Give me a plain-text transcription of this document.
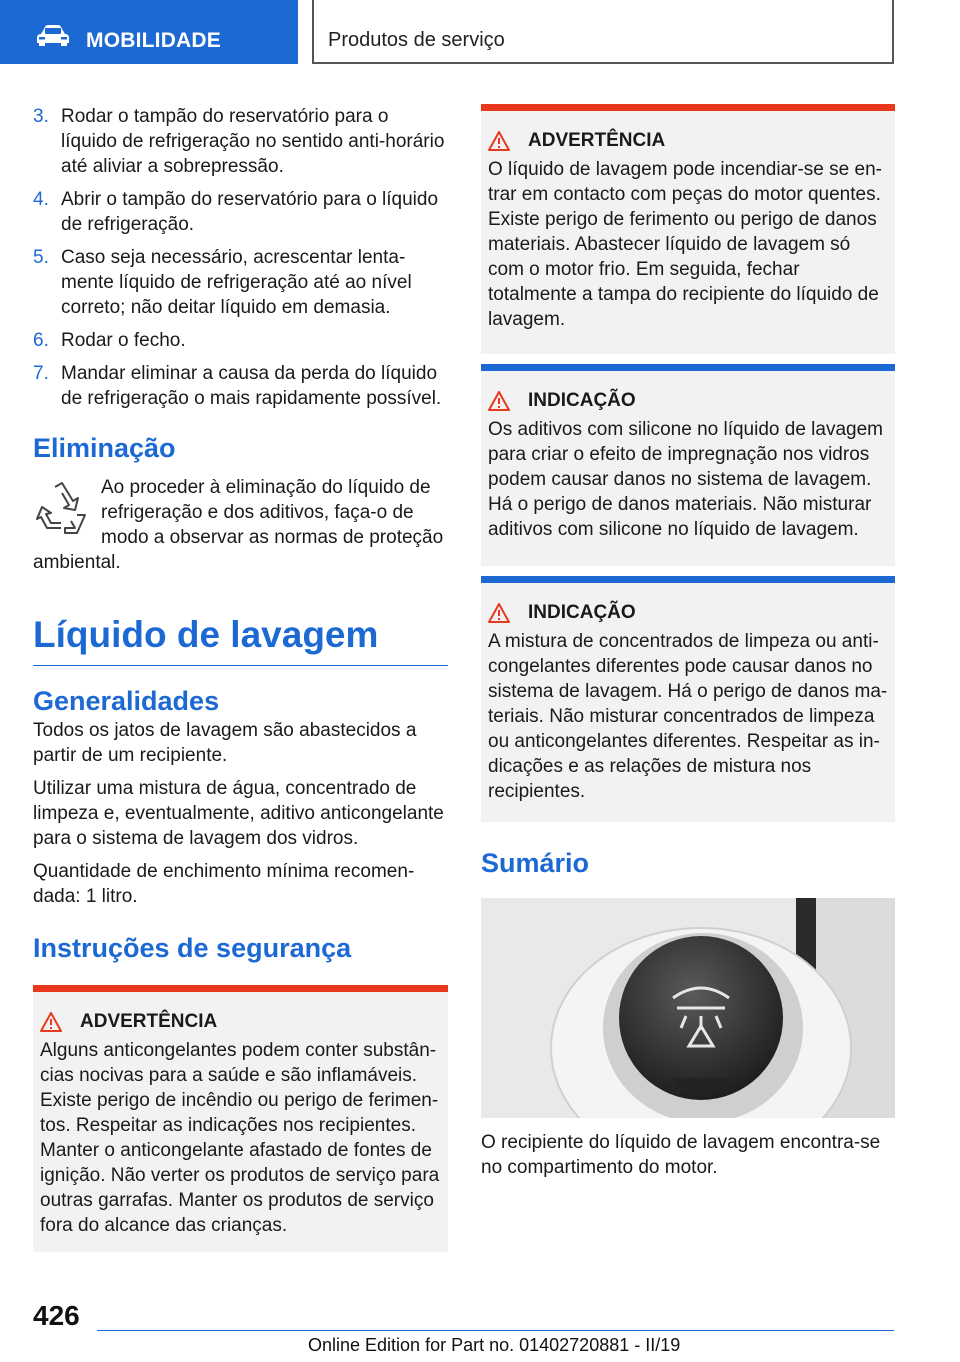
MOBILIDADE	Produtos de serviço
3. Rodar o tampão do reservatório para o líquido de refrigeração no sentido anti-horário até aliviar a sobrepressão.
4. Abrir o tampão do reservatório para o líquido de refrigeração.
5. Caso seja necessário, acrescentar lentamente líquido de refrigeração até ao nível correto; não deitar líquido em demasia.
6. Rodar o fecho.
7. Mandar eliminar a causa da perda do líquido de refrigeração o mais rapidamente possível.
Eliminação

Ao proceder à eliminação do líquido de refrigeração e dos aditivos, faça-o de modo a observar as normas de proteção ambiental.

Líquido de lavagem
Generalidades

Todos os jatos de lavagem são abastecidos a partir de um recipiente.

Utilizar uma mistura de água, concentrado de limpeza e, eventualmente, aditivo anticongelante para o sistema de lavagem dos vidros.

Quantidade de enchimento mínima recomendada: 1 litro.

Instruções de segurança
ADVERTÊNCIA

Alguns anticongelantes podem conter substâncias nocivas para a saúde e são inflamáveis. Existe perigo de incêndio ou perigo de ferimentos. Respeitar as indicações nos recipientes. Manter o anticongelante afastado de fontes de ignição. Não verter os produtos de serviço para outras garrafas. Manter os produtos de serviço fora do alcance das crianças.

ADVERTÊNCIA

O líquido de lavagem pode incendiar-se se entrar em contacto com peças do motor quentes. Existe perigo de ferimento ou perigo de danos materiais. Abastecer líquido de lavagem só com o motor frio. Em seguida, fechar totalmente a tampa do recipiente do líquido de lavagem.

INDICAÇÃO

Os aditivos com silicone no líquido de lavagem para criar o efeito de impregnação nos vidros podem causar danos no sistema de lavagem. Há o perigo de danos materiais. Não misturar aditivos com silicone no líquido de lavagem.

INDICAÇÃO

A mistura de concentrados de limpeza ou anticongelantes diferentes pode causar danos no sistema de lavagem. Há o perigo de danos materiais. Não misturar concentrados de limpeza ou anticongelantes diferentes. Respeitar as indicações e as relações de mistura nos recipientes.

Sumário

O recipiente do líquido de lavagem encontra-se no compartimento do motor.

426
Online Edition for Part no. 01402720881 - II/19
